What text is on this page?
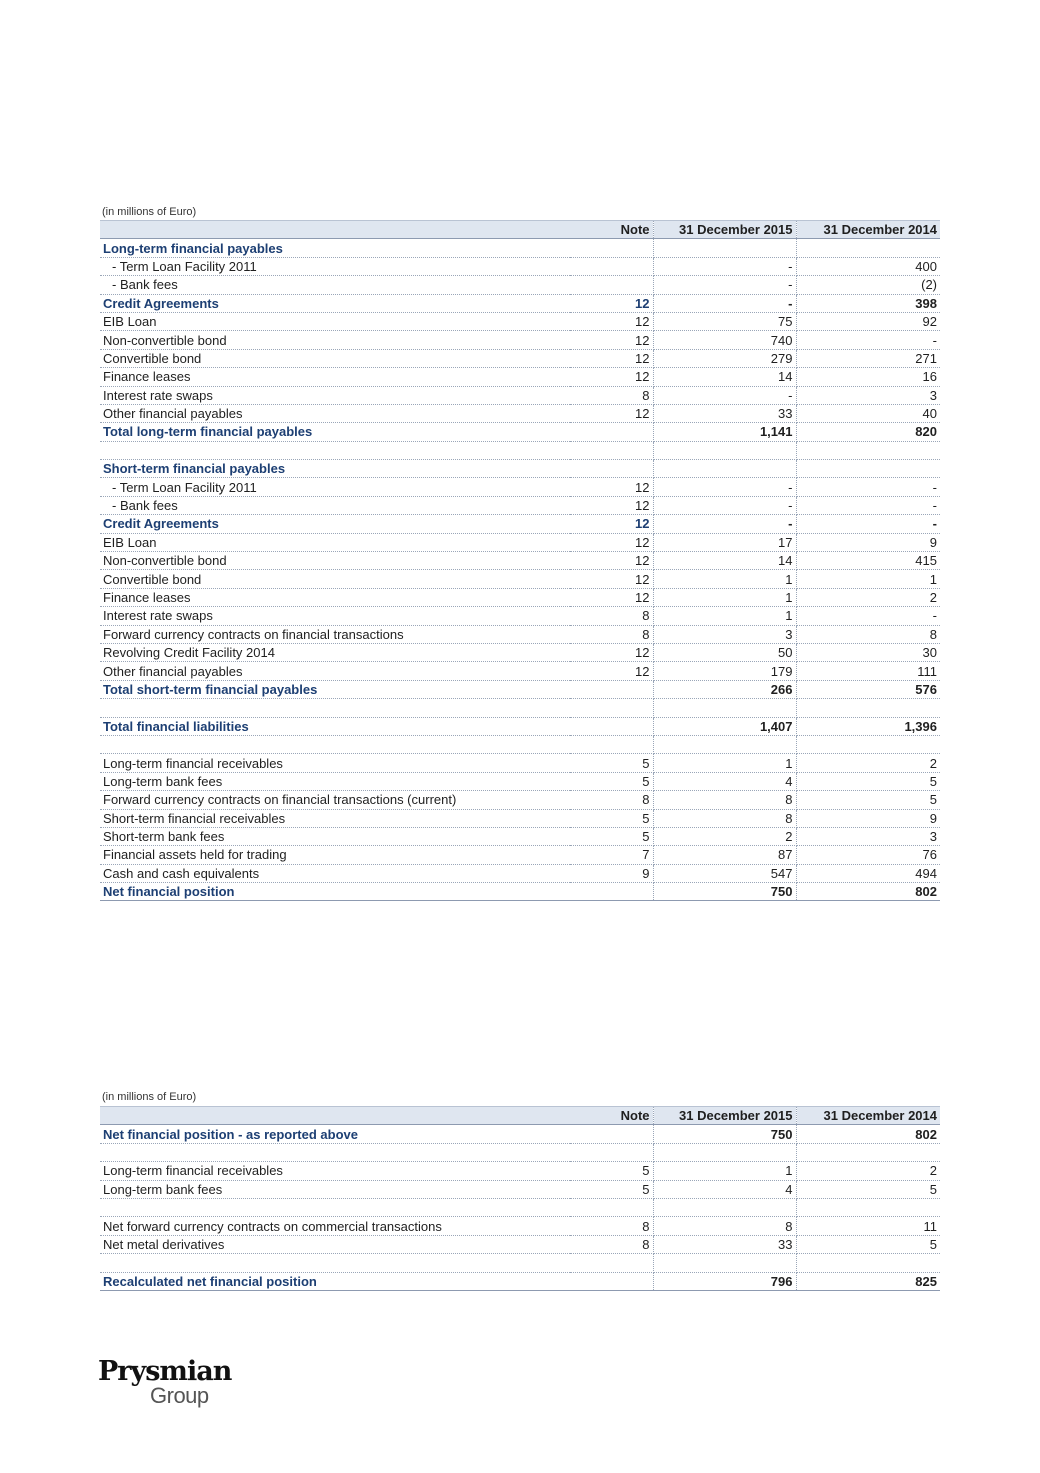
(in millions of Euro)
	Note	31 December 2015	31 December 2014
Long-term financial payables			
- Term Loan Facility 2011		-	400
- Bank fees		-	(2)
Credit Agreements	12	-	398
EIB Loan	12	75	92
Non-convertible bond	12	740	-
Convertible bond	12	279	271
Finance leases	12	14	16
Interest rate swaps	8	-	3
Other financial payables	12	33	40
Total long-term financial payables		1,141	820

Short-term financial payables			
- Term Loan Facility 2011	12	-	-
- Bank fees	12	-	-
Credit Agreements	12	-	-
EIB Loan	12	17	9
Non-convertible bond	12	14	415
Convertible bond	12	1	1
Finance leases	12	1	2
Interest rate swaps	8	1	-
Forward currency contracts on financial transactions	8	3	8
Revolving Credit Facility 2014	12	50	30
Other financial payables	12	179	111
Total short-term financial payables		266	576

Total financial liabilities		1,407	1,396

Long-term financial receivables	5	1	2
Long-term bank fees	5	4	5
Forward currency contracts on financial transactions (current)	8	8	5
Short-term financial receivables	5	8	9
Short-term bank fees	5	2	3
Financial assets held for trading	7	87	76
Cash and cash equivalents	9	547	494
Net financial position		750	802
(in millions of Euro)
	Note	31 December 2015	31 December 2014
Net financial position - as reported above		750	802

Long-term financial receivables	5	1	2
Long-term bank fees	5	4	5

Net forward currency contracts on commercial transactions	8	8	11
Net metal derivatives	8	33	5

Recalculated net financial position		796	825
Prysmian
Group
